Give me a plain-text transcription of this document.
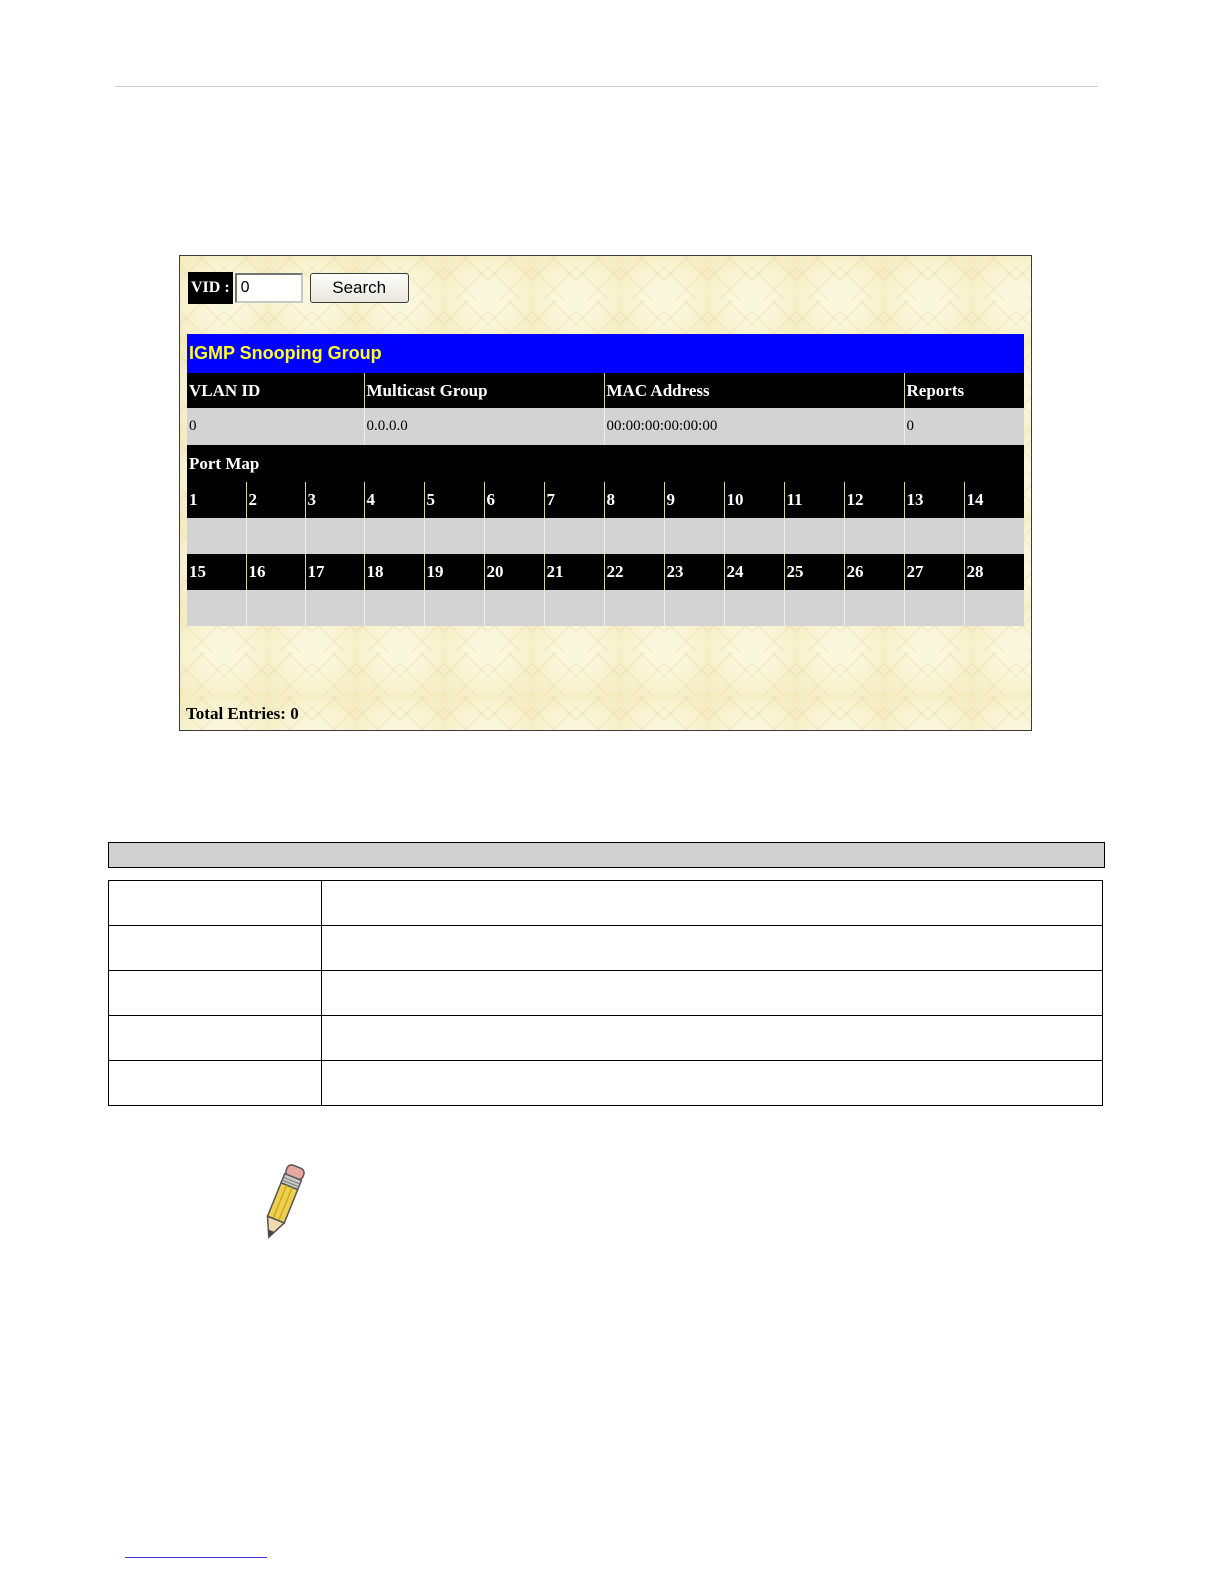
VID :
0	Search
IGMP Snooping Group													
VLAN ID			Multicast Group				MAC Address					Reports	
0			0.0.0.0				00:00:00:00:00:00					0	
Port Map													
1	2	3	4	5	6	7	8	9	10	11	12	13	14

15	16	17	18	19	20	21	22	23	24	25	26	27	28

Total Entries: 0
